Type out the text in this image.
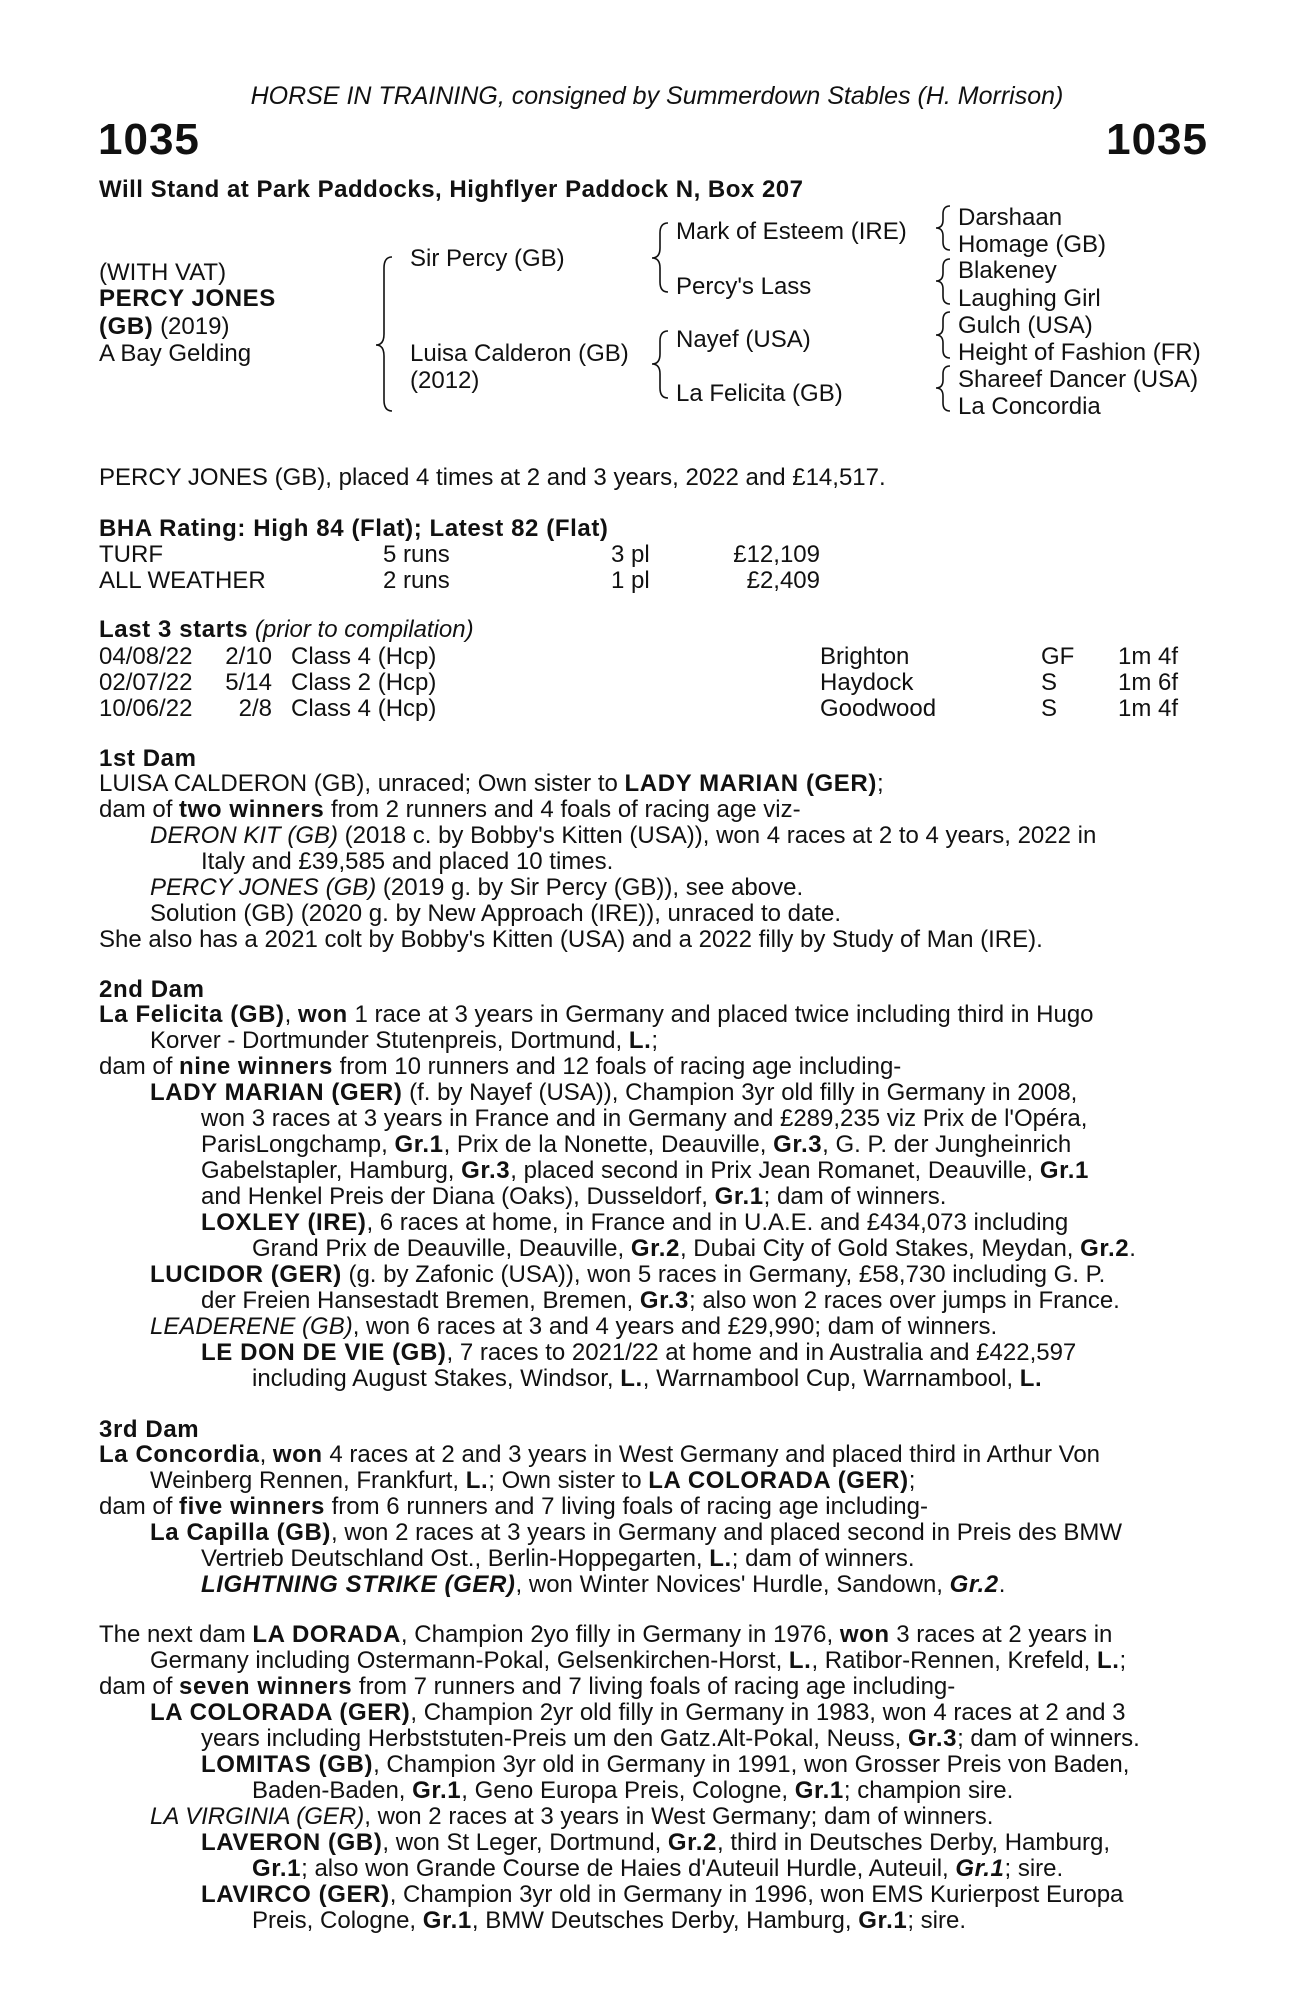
HORSE IN TRAINING, consigned by Summerdown Stables (H. Morrison)
1035	1035
Will Stand at Park Paddocks, Highflyer Paddock N, Box 207
(WITH VAT)
PERCY JONES
(GB) (2019)
A Bay Gelding
Sir Percy (GB)
Luisa Calderon (GB)
(2012)
Mark of Esteem (IRE)
Percy's Lass
Nayef (USA)
La Felicita (GB)
Darshaan
Homage (GB)
Blakeney
Laughing Girl
Gulch (USA)
Height of Fashion (FR)
Shareef Dancer (USA)
La Concordia
PERCY JONES (GB), placed 4 times at 2 and 3 years, 2022 and £14,517.
BHA Rating: High 84 (Flat); Latest 82 (Flat)
TURF	5 runs	3 pl	£12,109
ALL WEATHER	2 runs	1 pl	£2,409
Last 3 starts (prior to compilation)
04/08/22 2/10 Class 4 (Hcp)	Brighton	GF 1m 4f
02/07/22 5/14 Class 2 (Hcp)	Haydock	S	1m 6f
10/06/22 2/8 Class 4 (Hcp)	Goodwood	S	1m 4f
1st Dam
LUISA CALDERON (GB), unraced; Own sister to LADY MARIAN (GER);
dam of two winners from 2 runners and 4 foals of racing age viz-
DERON KIT (GB) (2018 c. by Bobby's Kitten (USA)), won 4 races at 2 to 4 years, 2022 in
Italy and £39,585 and placed 10 times.
PERCY JONES (GB) (2019 g. by Sir Percy (GB)), see above.
Solution (GB) (2020 g. by New Approach (IRE)), unraced to date.
She also has a 2021 colt by Bobby's Kitten (USA) and a 2022 filly by Study of Man (IRE).
2nd Dam
La Felicita (GB), won 1 race at 3 years in Germany and placed twice including third in Hugo
Korver - Dortmunder Stutenpreis, Dortmund, L.;
dam of nine winners from 10 runners and 12 foals of racing age including-
LADY MARIAN (GER) (f. by Nayef (USA)), Champion 3yr old filly in Germany in 2008,
won 3 races at 3 years in France and in Germany and £289,235 viz Prix de l'Opéra,
ParisLongchamp, Gr.1, Prix de la Nonette, Deauville, Gr.3, G. P. der Jungheinrich
Gabelstapler, Hamburg, Gr.3, placed second in Prix Jean Romanet, Deauville, Gr.1
and Henkel Preis der Diana (Oaks), Dusseldorf, Gr.1; dam of winners.
LOXLEY (IRE), 6 races at home, in France and in U.A.E. and £434,073 including
Grand Prix de Deauville, Deauville, Gr.2, Dubai City of Gold Stakes, Meydan, Gr.2.
LUCIDOR (GER) (g. by Zafonic (USA)), won 5 races in Germany, £58,730 including G. P.
der Freien Hansestadt Bremen, Bremen, Gr.3; also won 2 races over jumps in France.
LEADERENE (GB), won 6 races at 3 and 4 years and £29,990; dam of winners.
LE DON DE VIE (GB), 7 races to 2021/22 at home and in Australia and £422,597
including August Stakes, Windsor, L., Warrnambool Cup, Warrnambool, L.
3rd Dam
La Concordia, won 4 races at 2 and 3 years in West Germany and placed third in Arthur Von
Weinberg Rennen, Frankfurt, L.; Own sister to LA COLORADA (GER);
dam of five winners from 6 runners and 7 living foals of racing age including-
La Capilla (GB), won 2 races at 3 years in Germany and placed second in Preis des BMW
Vertrieb Deutschland Ost., Berlin-Hoppegarten, L.; dam of winners.
LIGHTNING STRIKE (GER), won Winter Novices' Hurdle, Sandown, Gr.2.
The next dam LA DORADA, Champion 2yo filly in Germany in 1976, won 3 races at 2 years in
Germany including Ostermann-Pokal, Gelsenkirchen-Horst, L., Ratibor-Rennen, Krefeld, L.;
dam of seven winners from 7 runners and 7 living foals of racing age including-
LA COLORADA (GER), Champion 2yr old filly in Germany in 1983, won 4 races at 2 and 3
years including Herbststuten-Preis um den Gatz.Alt-Pokal, Neuss, Gr.3; dam of winners.
LOMITAS (GB), Champion 3yr old in Germany in 1991, won Grosser Preis von Baden,
Baden-Baden, Gr.1, Geno Europa Preis, Cologne, Gr.1; champion sire.
LA VIRGINIA (GER), won 2 races at 3 years in West Germany; dam of winners.
LAVERON (GB), won St Leger, Dortmund, Gr.2, third in Deutsches Derby, Hamburg,
Gr.1; also won Grande Course de Haies d'Auteuil Hurdle, Auteuil, Gr.1; sire.
LAVIRCO (GER), Champion 3yr old in Germany in 1996, won EMS Kurierpost Europa
Preis, Cologne, Gr.1, BMW Deutsches Derby, Hamburg, Gr.1; sire.
